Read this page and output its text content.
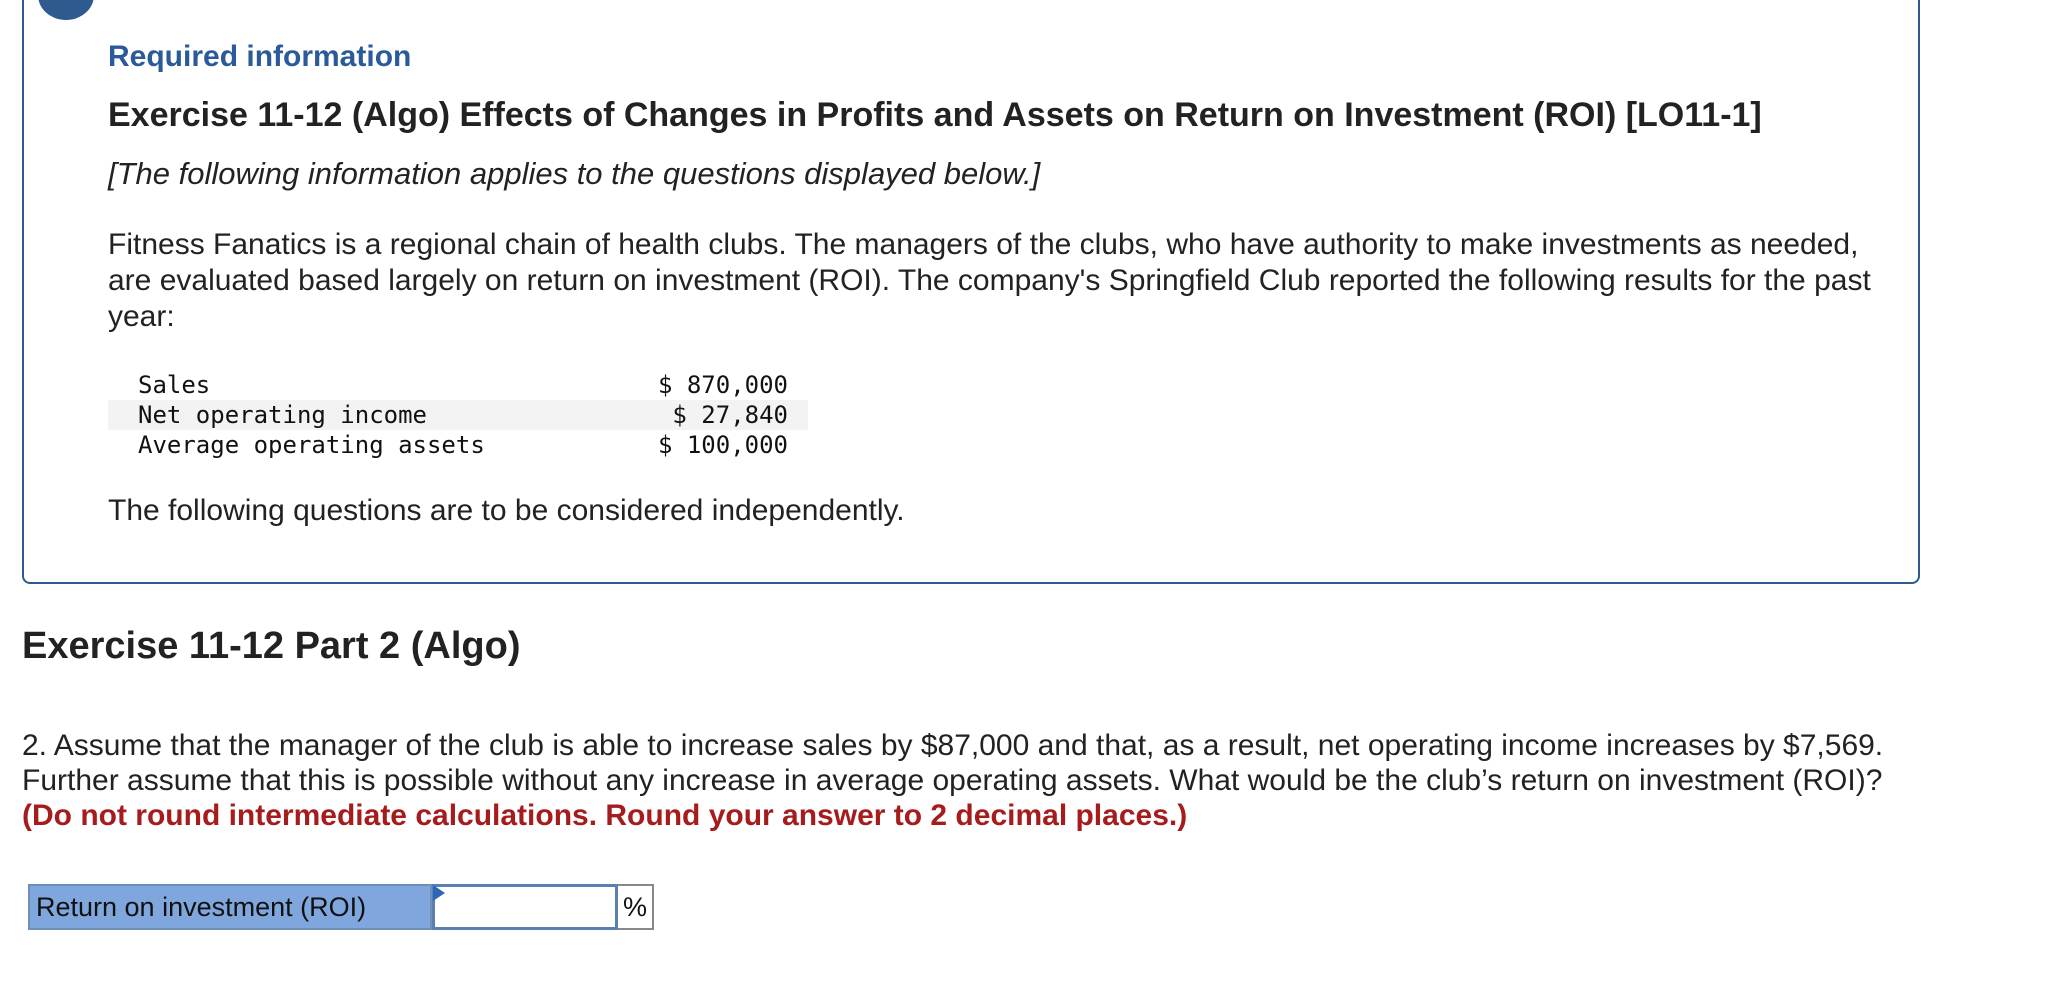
Required information
Exercise 11-12 (Algo) Effects of Changes in Profits and Assets on Return on Investment (ROI) [LO11-1]
[The following information applies to the questions displayed below.]
Fitness Fanatics is a regional chain of health clubs. The managers of the clubs, who have authority to make investments as needed, are evaluated based largely on return on investment (ROI). The company's Springfield Club reported the following results for the past year:
Sales	$ 870,000
Net operating income	$ 27,840
Average operating assets	$ 100,000
The following questions are to be considered independently.
Exercise 11-12 Part 2 (Algo)
2. Assume that the manager of the club is able to increase sales by $87,000 and that, as a result, net operating income increases by $7,569. Further assume that this is possible without any increase in average operating assets. What would be the club’s return on investment (ROI)? (Do not round intermediate calculations. Round your answer to 2 decimal places.)
Return on investment (ROI)	%
